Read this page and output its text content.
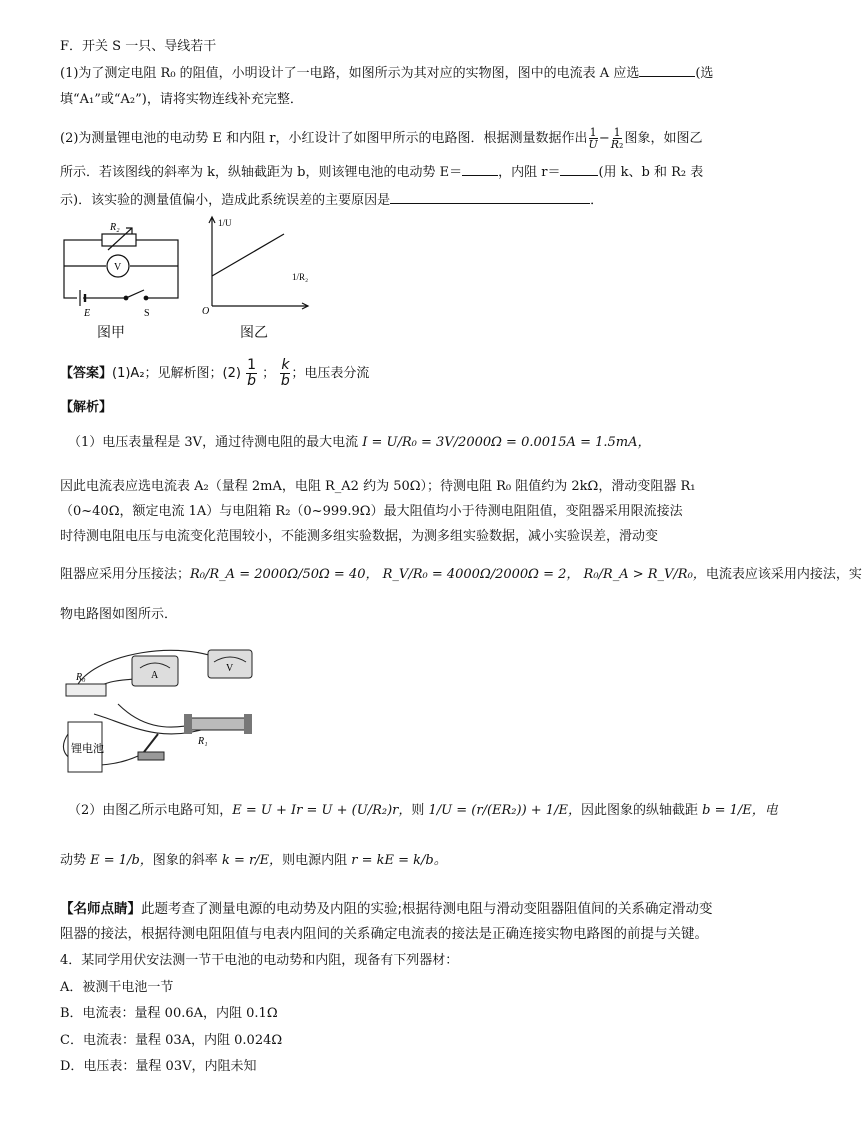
F．开关 S 一只、导线若干
(1)为了测定电阻 R₀ 的阻值，小明设计了一电路，如图所示为其对应的实物图，图中的电流表 A 应选	(选
填“A₁”或“A₂”)，请将实物连线补充完整．
(2)为测量锂电池的电动势 E 和内阻 r，小红设计了如图甲所示的电路图．根据测量数据作出 $\frac{1}{U} - \frac{1}{\text{R₂}}$ 图象，如图乙
所示．若该图线的斜率为 k，纵轴截距为 b，则该锂电池的电动势 E＝	，内阻 r＝	(用 k、b 和 R₂ 表
示)．该实验的测量值偏小，造成此系统误差的主要原因是	．
R₂
V
E	S
图甲
1/U
1/R₂
O
图乙
【答案】(1)A₂；见解析图；$(2) \frac{1}{b}$ ； $\frac{k}{b}$ ；电压表分流
【解析】
（1）电压表量程是 3V，通过待测电阻的最大电流 I = U/R₀ = 3V/2000Ω = 0.0015A = 1.5mA，
因此电流表应选电流表 A₂（量程 2mA，电阻 R_A2 约为 50Ω）；待测电阻 R₀ 阻值约为 2kΩ，滑动变阻器 R₁
（0~40Ω，额定电流 1A）与电阻箱 R₂（0~999.9Ω）最大阻值均小于待测电阻阻值，变阻器采用限流接法
时待测电阻电压与电流变化范围较小，不能测多组实验数据，为测多组实验数据，减小实验误差，滑动变
阻器应采用分压接法；R₀/R_A = 2000Ω/50Ω = 40， R_V/R₀ = 4000Ω/2000Ω = 2， R₀/R_A > R_V/R₀，电流表应该采用内接法，实
物电路图如图所示．
R₀	A
V
R₁
锂电池
（2）由图乙所示电路可知，E = U + Ir = U + (U/R₂)r，则 1/U = (r/(ER₂)) + 1/E，因此图象的纵轴截距 b = 1/E，电
动势 E = 1/b，图象的斜率 k = r/E，则电源内阻 r = kE = k/b。
【名师点睛】此题考查了测量电源的电动势及内阻的实验;根据待测电阻与滑动变阻器阻值间的关系确定滑动变
阻器的接法，根据待测电阻阻值与电表内阻间的关系确定电流表的接法是正确连接实物电路图的前提与关键。
4．某同学用伏安法测一节干电池的电动势和内阻，现备有下列器材：
A．被测干电池一节
B．电流表：量程 00.6A，内阻 0.1Ω
C．电流表：量程 03A，内阻 0.024Ω
D．电压表：量程 03V，内阻未知
